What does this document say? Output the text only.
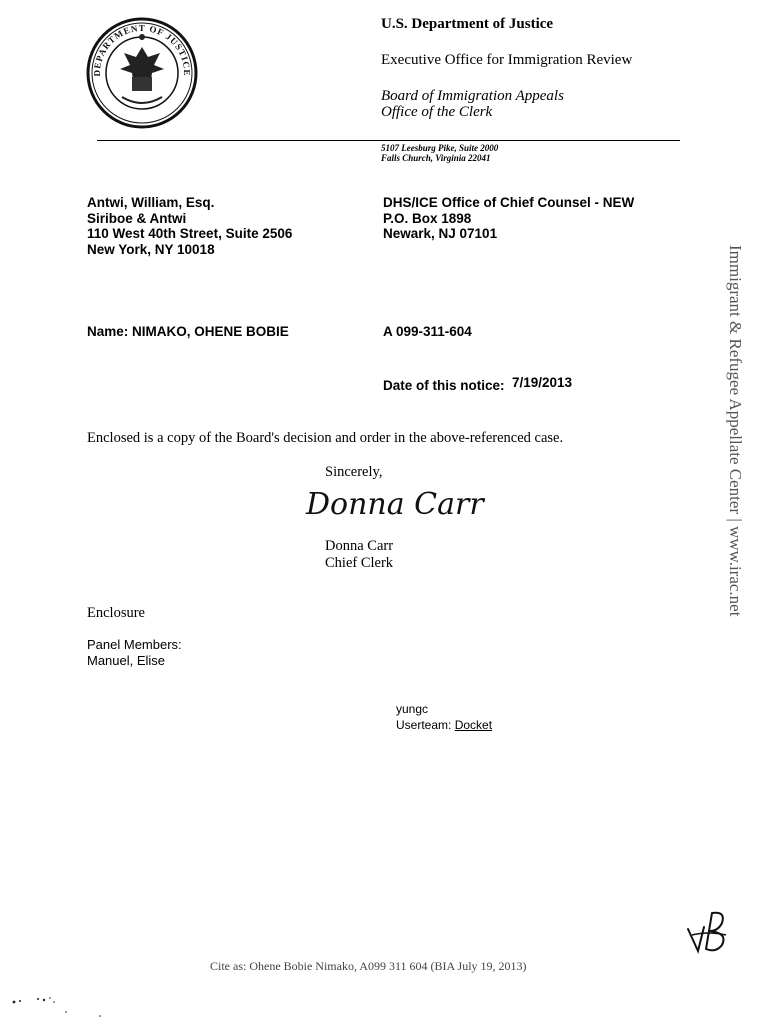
DEPARTMENT OF JUSTICE
U.S. Department of Justice
Executive Office for Immigration Review
Board of Immigration Appeals
Office of the Clerk
5107 Leesburg Pike, Suite 2000
Falls Church, Virginia 22041
Antwi, William, Esq.
Siriboe & Antwi
110 West 40th Street, Suite 2506
New York, NY 10018
DHS/ICE Office of Chief Counsel - NEW
P.O. Box 1898
Newark, NJ 07101
Name: NIMAKO, OHENE BOBIE	A 099-311-604
Date of this notice: 7/19/2013
Enclosed is a copy of the Board's decision and order in the above-referenced case.
Sincerely,
Donna Carr
Donna Carr
Chief Clerk
Enclosure
Panel Members:
Manuel, Elise
yungc
Userteam: Docket
Immigrant & Refugee Appellate Center | www.irac.net
Cite as: Ohene Bobie Nimako, A099 311 604 (BIA July 19, 2013)
